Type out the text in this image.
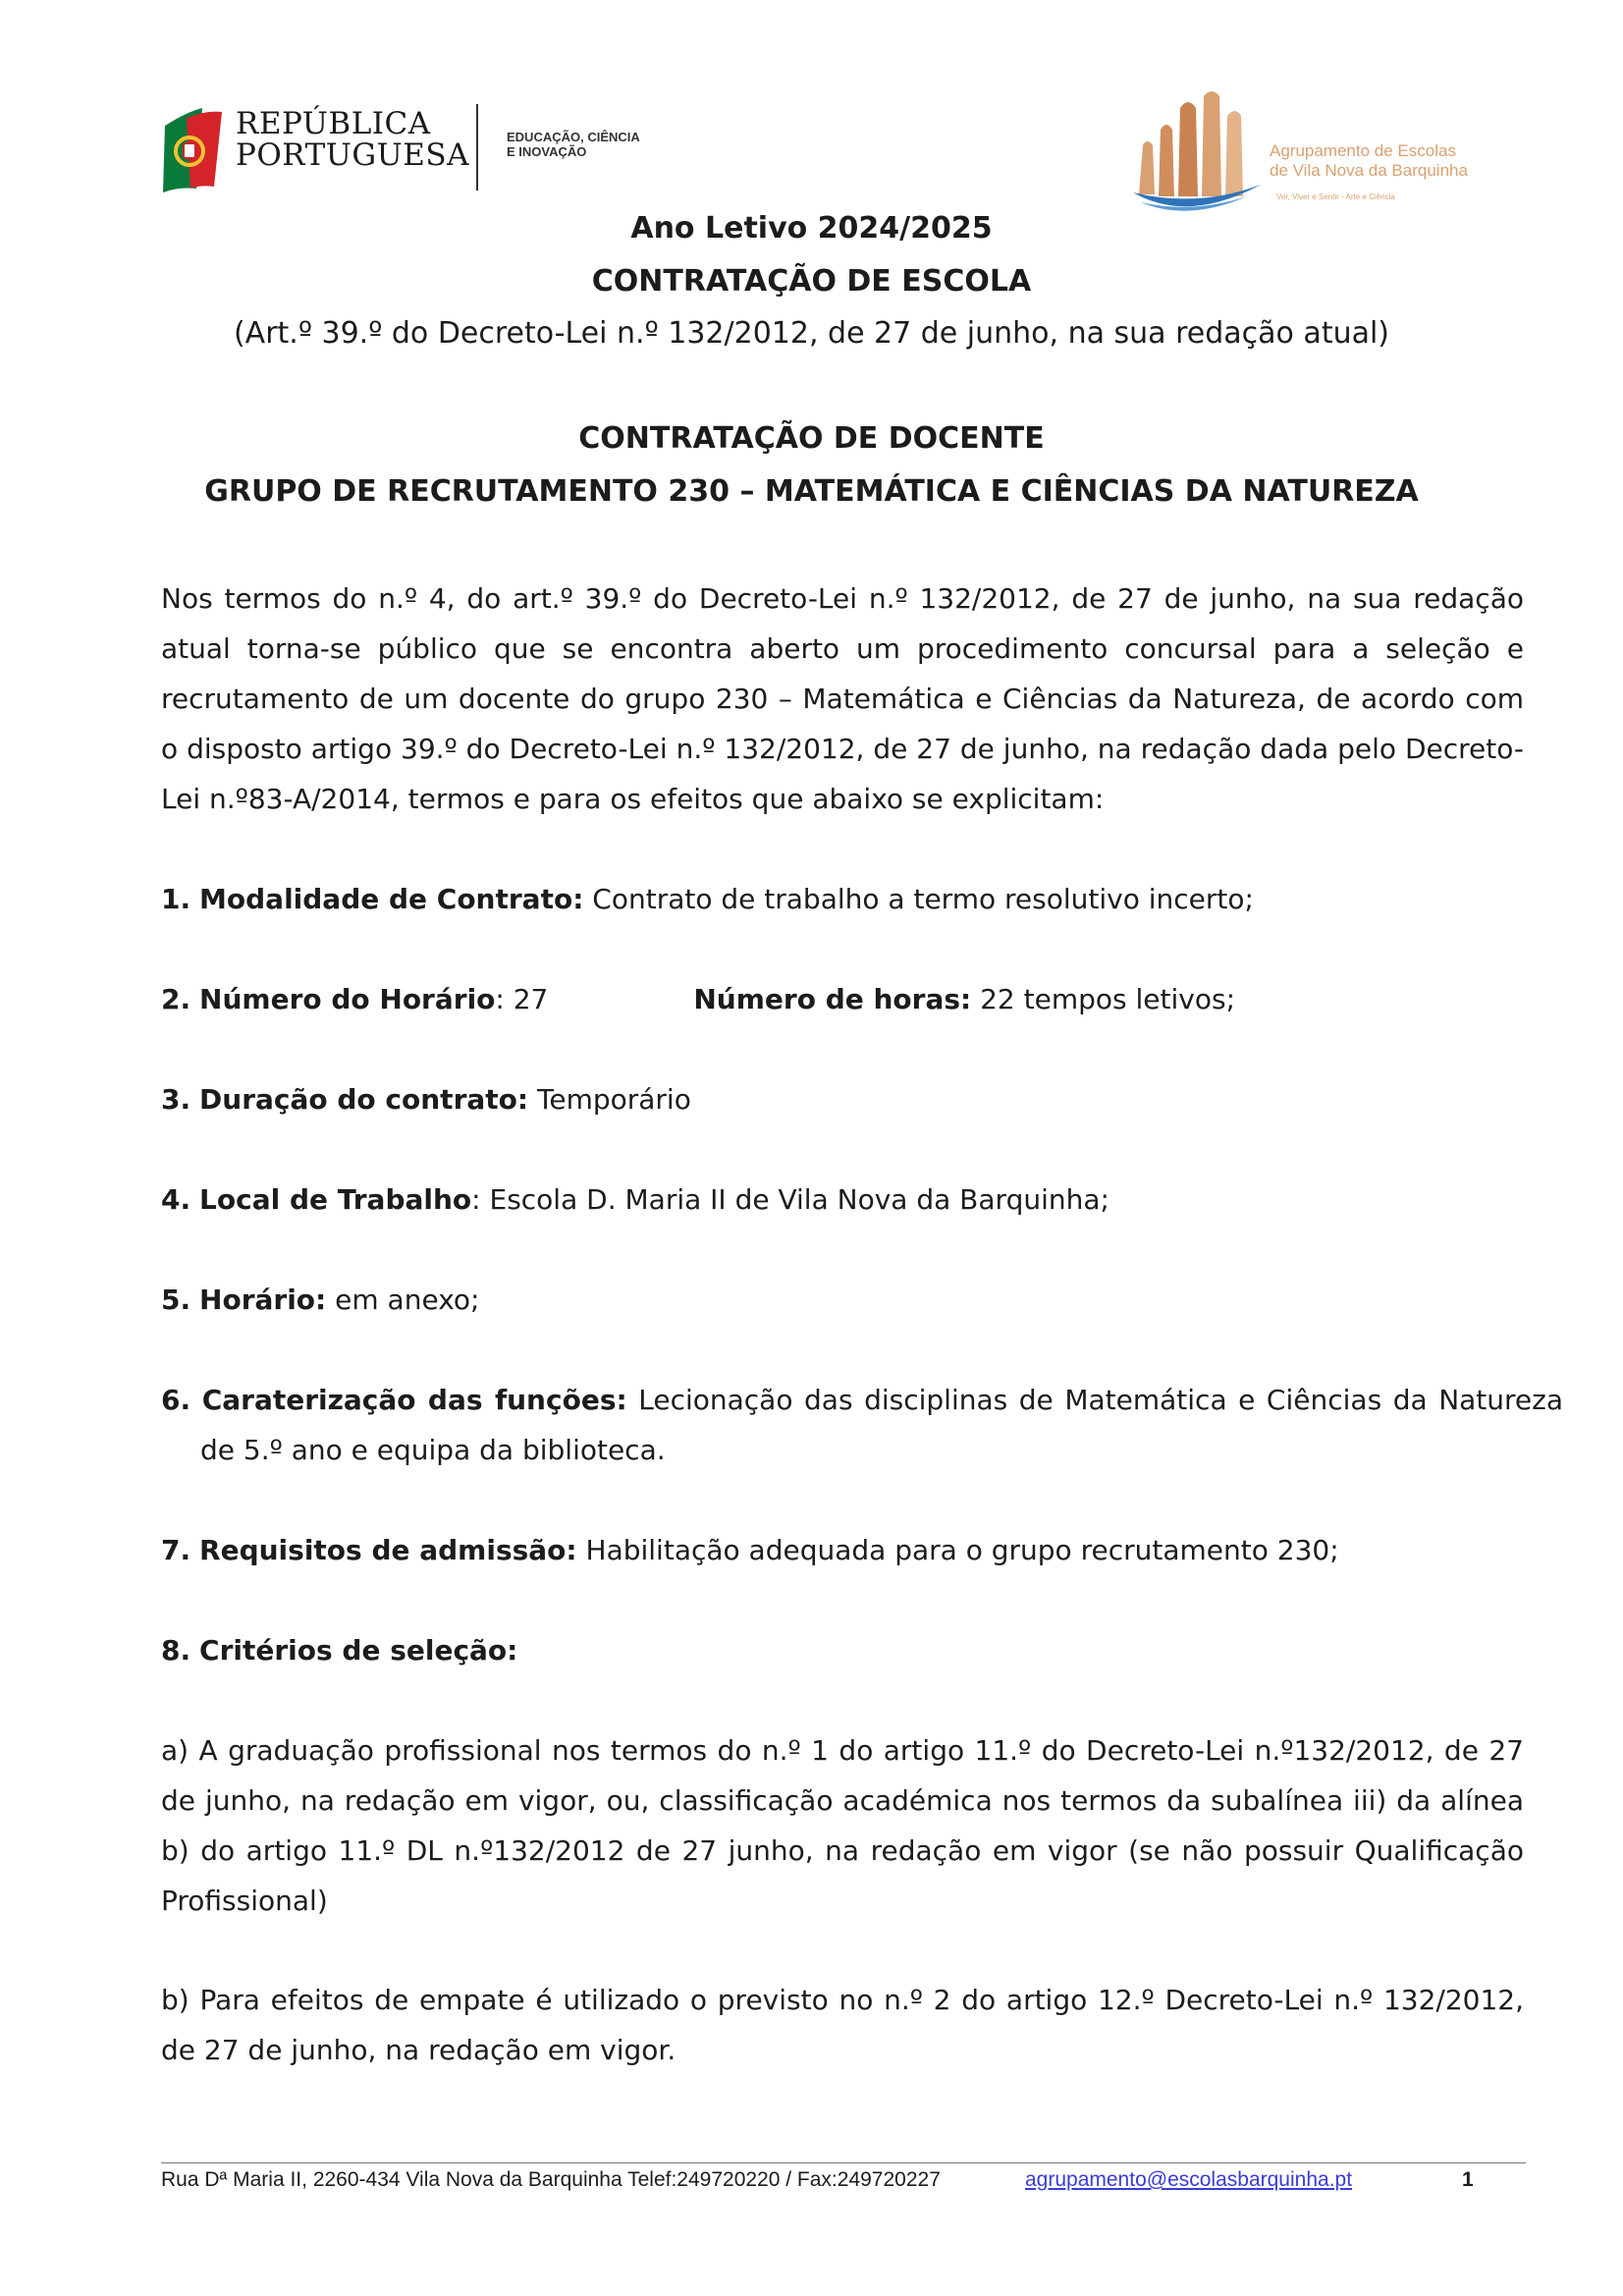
REPÚBLICA
PORTUGUESA
EDUCAÇÃO, CIÊNCIA
E INOVAÇÃO	Agrupamento de Escolas
de Vila Nova da Barquinha
Ver, Viver e Sentir - Arte e Ciência
Ano Letivo 2024/2025
CONTRATAÇÃO DE ESCOLA

(Art.º 39.º do Decreto-Lei n.º 132/2012, de 27 de junho, na sua redação atual)

CONTRATAÇÃO DE DOCENTE
GRUPO DE RECRUTAMENTO 230 – MATEMÁTICA E CIÊNCIAS DA NATUREZA

Nos termos do n.º 4, do art.º 39.º do Decreto-Lei n.º 132/2012, de 27 de junho, na sua redação atual torna-se público que se encontra aberto um procedimento concursal para a seleção e recrutamento de um docente do grupo 230 – Matemática e Ciências da Natureza, de acordo com o disposto artigo 39.º do Decreto-Lei n.º 132/2012, de 27 de junho, na redação dada pelo Decreto-Lei n.º83-A/2014, termos e para os efeitos que abaixo se explicitam:

1. Modalidade de Contrato: Contrato de trabalho a termo resolutivo incerto;

2. Número do Horário: 27	Número de horas: 22 tempos letivos;

3. Duração do contrato: Temporário

4. Local de Trabalho: Escola D. Maria II de Vila Nova da Barquinha;

5. Horário: em anexo;

6. Caraterização das funções: Lecionação das disciplinas de Matemática e Ciências da Natureza de 5.º ano e equipa da biblioteca.

7. Requisitos de admissão: Habilitação adequada para o grupo recrutamento 230;

8. Critérios de seleção:

a) A graduação profissional nos termos do n.º 1 do artigo 11.º do Decreto-Lei n.º132/2012, de 27 de junho, na redação em vigor, ou, classificação académica nos termos da subalínea iii) da alínea b) do artigo 11.º DL n.º132/2012 de 27 junho, na redação em vigor (se não possuir Qualificação Profissional)

b) Para efeitos de empate é utilizado o previsto no n.º 2 do artigo 12.º Decreto-Lei n.º 132/2012, de 27 de junho, na redação em vigor.

Rua Dª Maria II, 2260-434 Vila Nova da Barquinha Telef:249720220 / Fax:249720227	agrupamento@escolasbarquinha.pt	1
